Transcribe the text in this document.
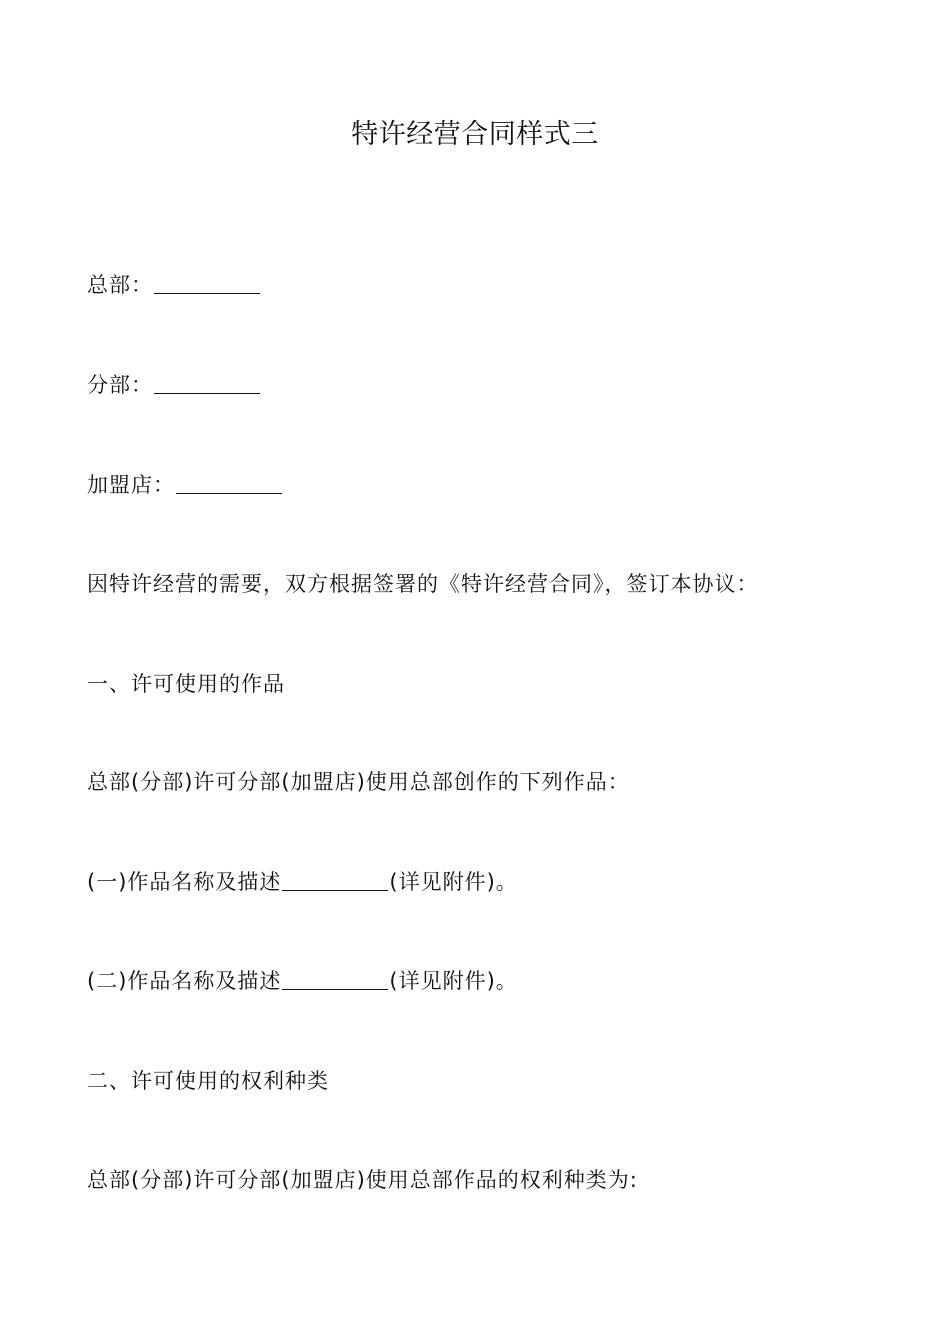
特许经营合同样式三
总部：
分部：
加盟店：
因特许经营的需要，双方根据签署的《特许经营合同》，签订本协议：
一、许可使用的作品
总部(分部)许可分部(加盟店)使用总部创作的下列作品：
(一)作品名称及描述	(详见附件)。
(二)作品名称及描述	(详见附件)。
二、许可使用的权利种类
总部(分部)许可分部(加盟店)使用总部作品的权利种类为:
